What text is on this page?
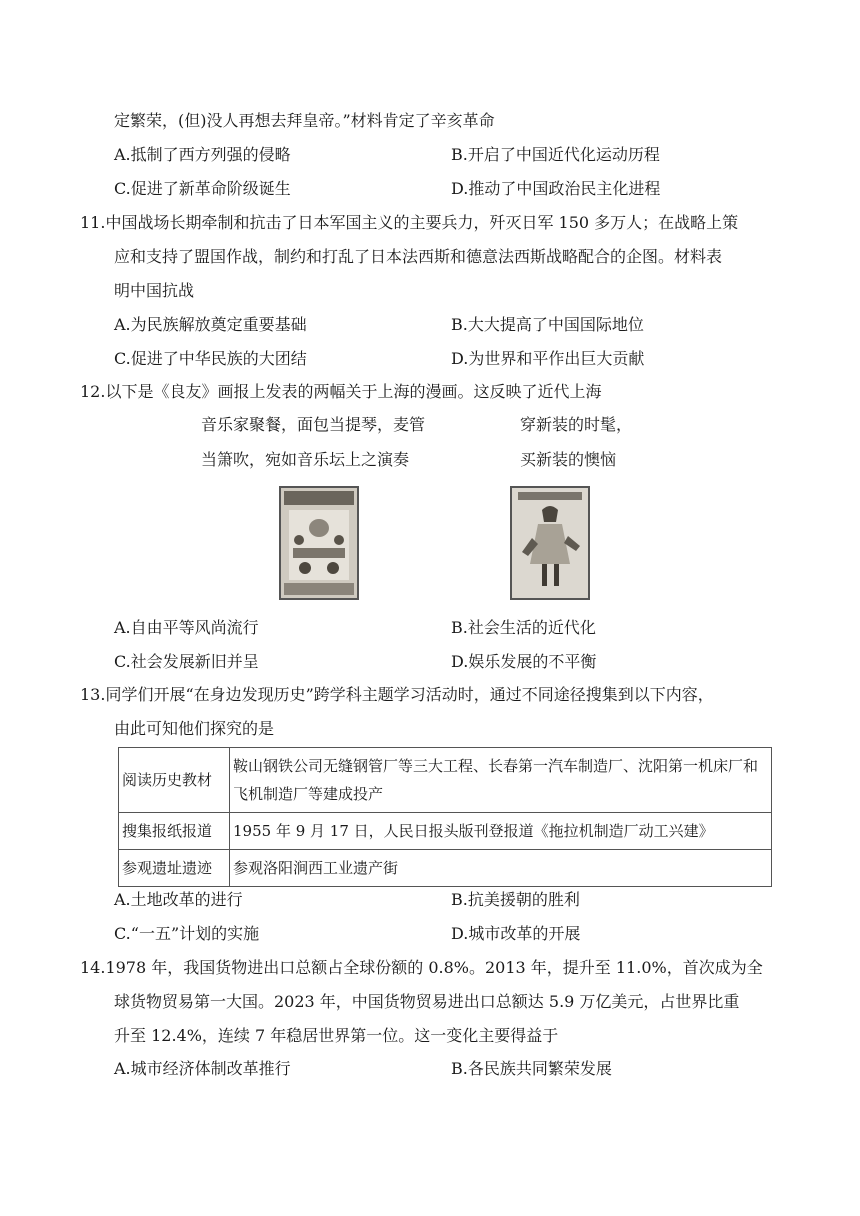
定繁荣，(但)没人再想去拜皇帝。”材料肯定了辛亥革命
A.抵制了西方列强的侵略	B.开启了中国近代化运动历程
C.促进了新革命阶级诞生	D.推动了中国政治民主化进程
11.中国战场长期牵制和抗击了日本军国主义的主要兵力，歼灭日军 150 多万人；在战略上策
应和支持了盟国作战，制约和打乱了日本法西斯和德意法西斯战略配合的企图。材料表
明中国抗战
A.为民族解放奠定重要基础	B.大大提高了中国国际地位
C.促进了中华民族的大团结	D.为世界和平作出巨大贡献
12.以下是《良友》画报上发表的两幅关于上海的漫画。这反映了近代上海
音乐家聚餐，面包当提琴，麦管
当箫吹，宛如音乐坛上之演奏
穿新装的时髦，
买新装的懊恼
A.自由平等风尚流行	B.社会生活的近代化
C.社会发展新旧并呈	D.娱乐发展的不平衡
13.同学们开展“在身边发现历史”跨学科主题学习活动时，通过不同途径搜集到以下内容，
由此可知他们探究的是
阅读历史教材	鞍山钢铁公司无缝钢管厂等三大工程、长春第一汽车制造厂、沈阳第一机床厂和飞机制造厂等建成投产
搜集报纸报道	1955 年 9 月 17 日，人民日报头版刊登报道《拖拉机制造厂动工兴建》
参观遗址遗迹	参观洛阳涧西工业遗产街
A.土地改革的进行	B.抗美援朝的胜利
C.“一五”计划的实施	D.城市改革的开展
14.1978 年，我国货物进出口总额占全球份额的 0.8%。2013 年，提升至 11.0%，首次成为全
球货物贸易第一大国。2023 年，中国货物贸易进出口总额达 5.9 万亿美元，占世界比重
升至 12.4%，连续 7 年稳居世界第一位。这一变化主要得益于
A.城市经济体制改革推行	B.各民族共同繁荣发展
